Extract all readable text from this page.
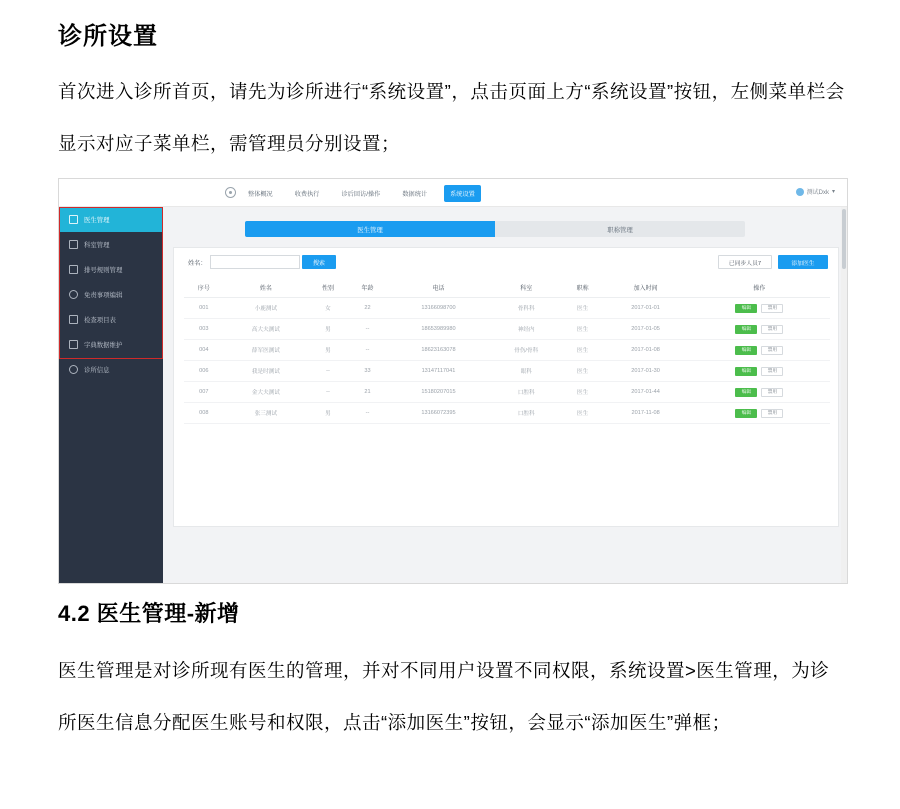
诊所设置
首次进入诊所首页，请先为诊所进行“系统设置”，点击页面上方“系统设置”按钮，左侧菜单栏会显示对应子菜单栏，需管理员分别设置；
整体概况	收费执行	诊后回访/操作	数据统计	系统设置	测试Dxk ▾
医生管理
科室管理
排号规则管理
免责事项编辑
检查项目表
字典数据维护
诊所信息
医生管理	职称管理
姓名：	搜索	已同步人员7	添加医生
序号	姓名	性别	年龄	电话	科室	职称	加入时间	操作
001	小鹿测试	女	22	13166098700	骨科科	医生	2017-01-01	编辑 禁用

003	高大夫测试	男	--	18653989980	神经内	医生	2017-01-05	编辑 禁用

004	薛军医测试	男	--	18623163078	骨伤/骨科	医生	2017-01-08	编辑 禁用

006	我是时测试	--	33	13147117041	眼科	医生	2017-01-30	编辑 禁用

007	金大夫测试	--	21	15180207015	口腔科	医生	2017-01-44	编辑 禁用

008	张三测试	男	--	13166072395	口腔科	医生	2017-11-08	编辑 禁用
4.2 医生管理-新增
医生管理是对诊所现有医生的管理，并对不同用户设置不同权限，系统设置>医生管理，为诊所医生信息分配医生账号和权限，点击“添加医生”按钮，会显示“添加医生”弹框；
